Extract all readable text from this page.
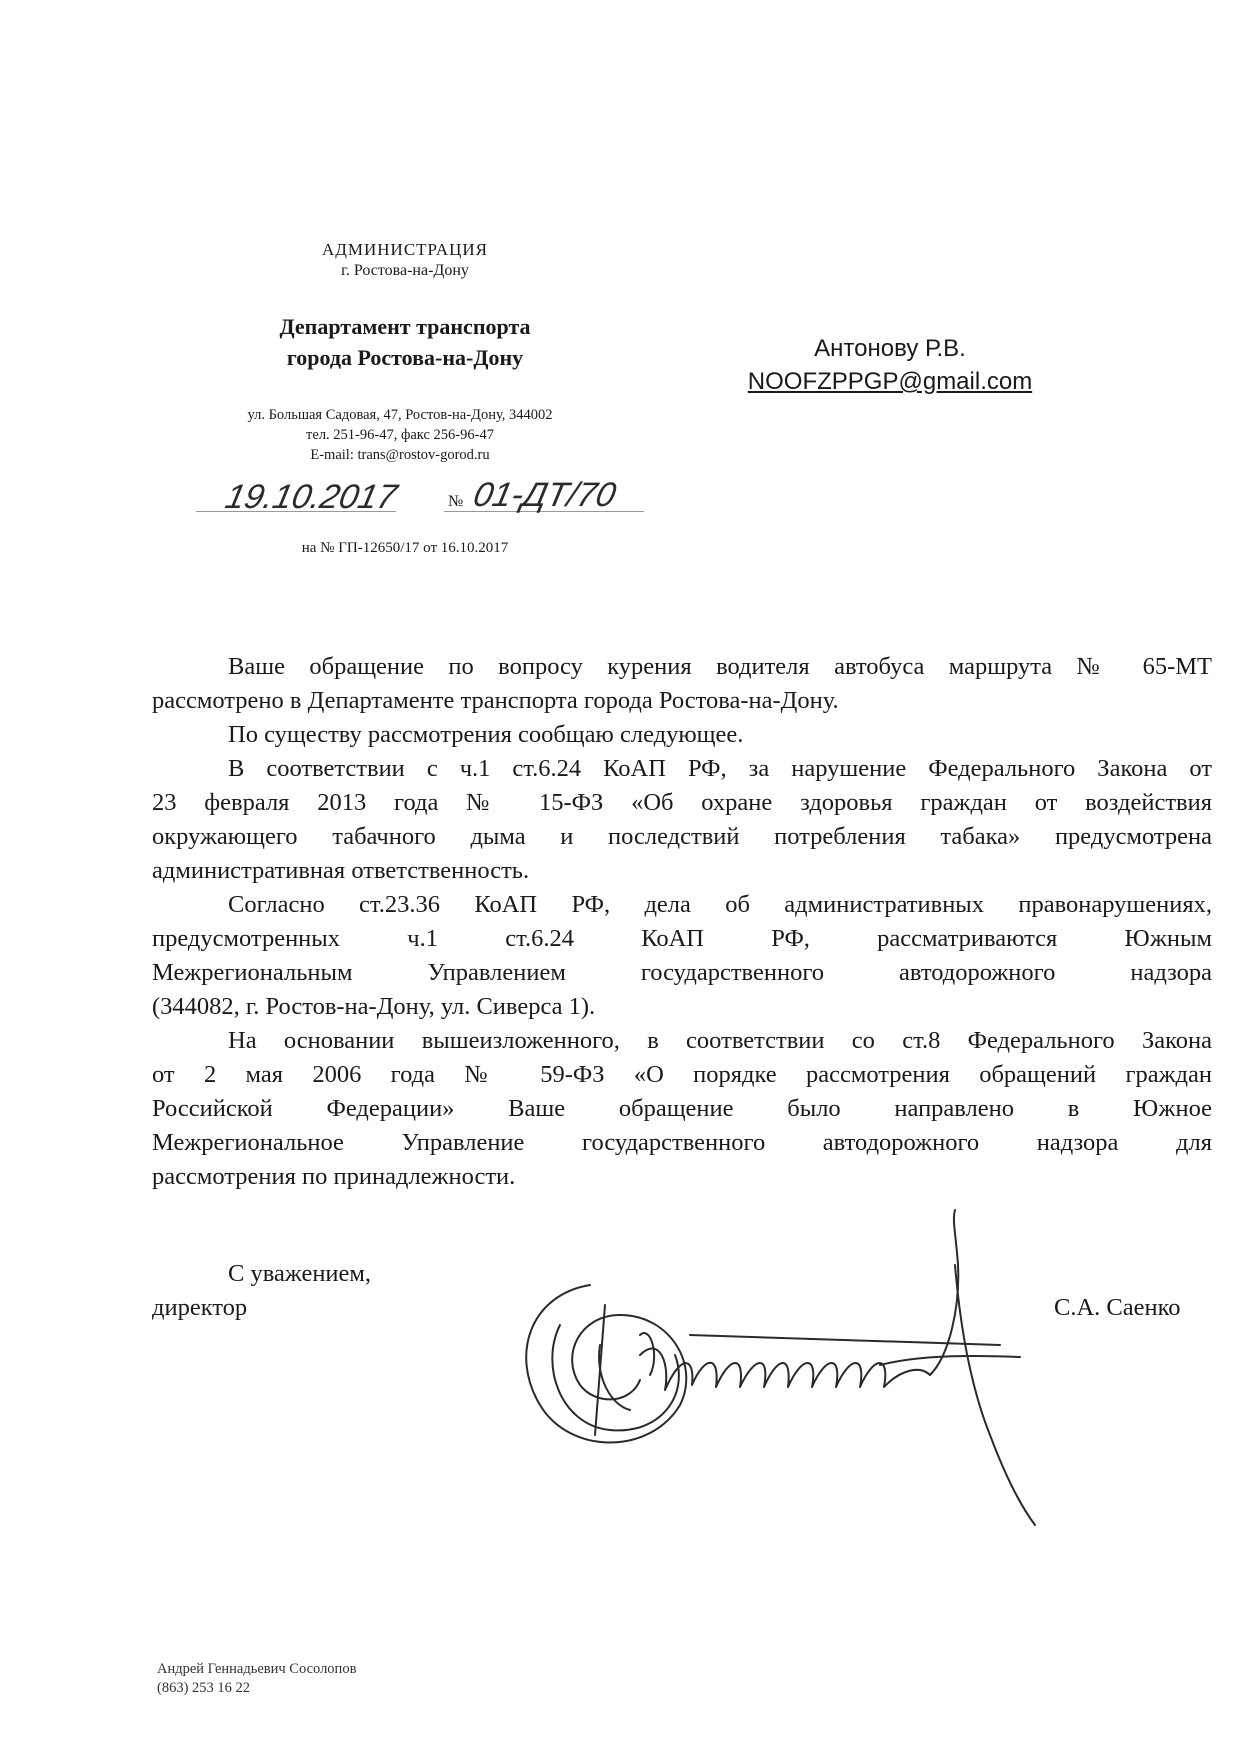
АДМИНИСТРАЦИЯ
г. Ростова-на-Дону
Департамент транспорта
города Ростова-на-Дону
ул. Большая Садовая, 47, Ростов-на-Дону, 344002
тел. 251-96-47, факс 256-96-47
E-mail: trans@rostov-gorod.ru
19.10.2017	№ 01-ДТ/70
на № ГП-12650/17 от 16.10.2017
Антонову Р.В.
NOOFZPPGP@gmail.com
Ваше обращение по вопросу курения водителя автобуса маршрута № 65-МТ
рассмотрено в Департаменте транспорта города Ростова-на-Дону.
По существу рассмотрения сообщаю следующее.
В соответствии с ч.1 ст.6.24 КоАП РФ, за нарушение Федерального Закона от
23 февраля 2013 года № 15-ФЗ «Об охране здоровья граждан от воздействия
окружающего табачного дыма и последствий потребления табака» предусмотрена
административная ответственность.
Согласно ст.23.36 КоАП РФ, дела об административных правонарушениях,
предусмотренных ч.1 ст.6.24 КоАП РФ, рассматриваются Южным
Межрегиональным Управлением государственного автодорожного надзора
(344082, г. Ростов-на-Дону, ул. Сиверса 1).
На основании вышеизложенного, в соответствии со ст.8 Федерального Закона
от 2 мая 2006 года № 59-ФЗ «О порядке рассмотрения обращений граждан
Российской Федерации» Ваше обращение было направлено в Южное
Межрегиональное Управление государственного автодорожного надзора для
рассмотрения по принадлежности.
С уважением,
директор	С.А. Саенко
Андрей Геннадьевич Сосолопов
(863) 253 16 22
